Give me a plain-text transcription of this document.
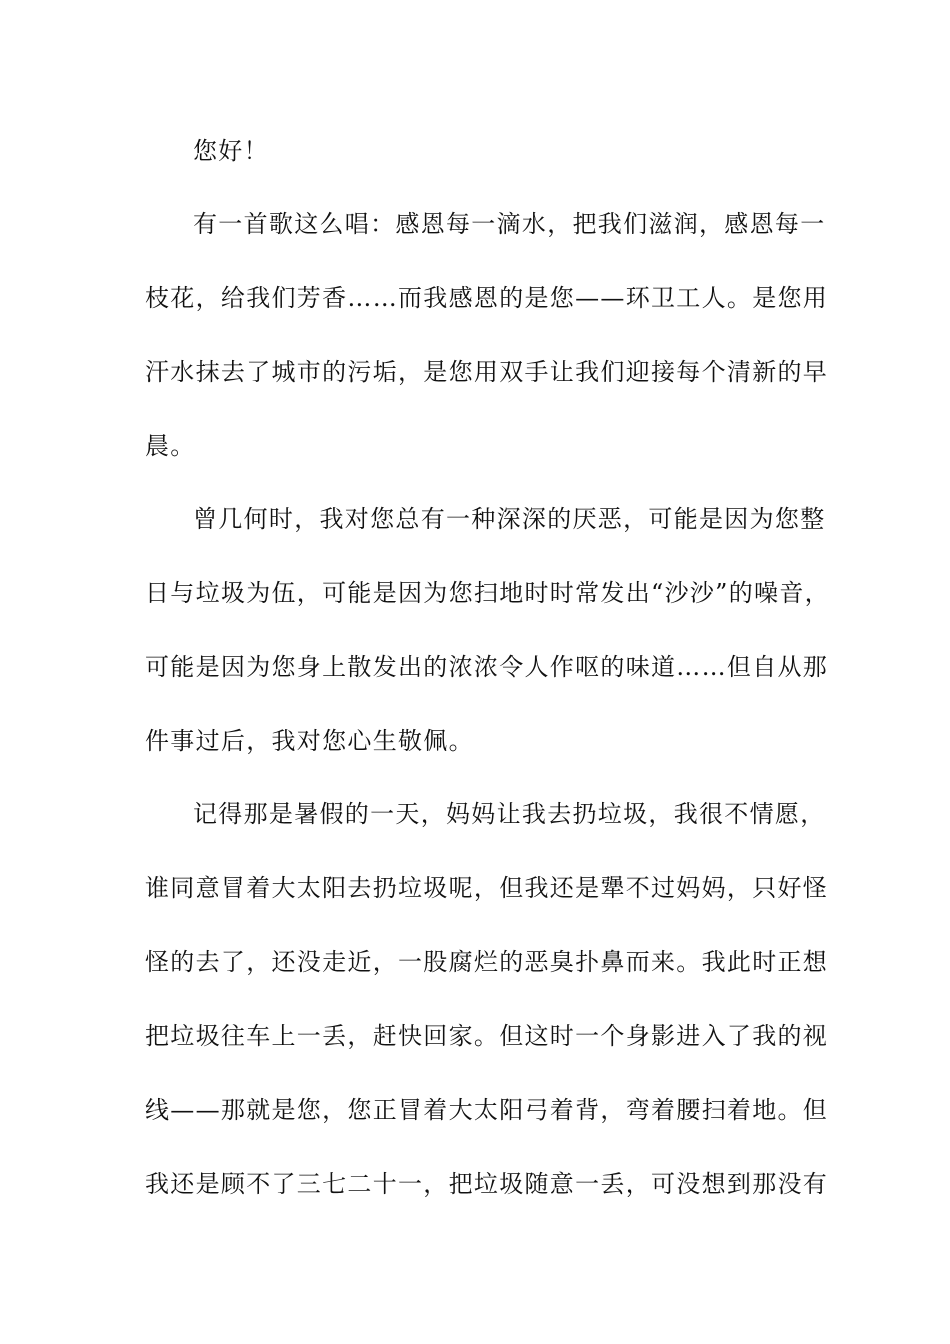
您好！
有一首歌这么唱：感恩每一滴水，把我们滋润，感恩每一
枝花，给我们芳香……而我感恩的是您——环卫工人。是您用
汗水抹去了城市的污垢，是您用双手让我们迎接每个清新的早
晨。
曾几何时，我对您总有一种深深的厌恶，可能是因为您整
日与垃圾为伍，可能是因为您扫地时时常发出“沙沙”的噪音，
可能是因为您身上散发出的浓浓令人作呕的味道……但自从那
件事过后，我对您心生敬佩。
记得那是暑假的一天，妈妈让我去扔垃圾，我很不情愿，
谁同意冒着大太阳去扔垃圾呢，但我还是犟不过妈妈，只好怪
怪的去了，还没走近，一股腐烂的恶臭扑鼻而来。我此时正想
把垃圾往车上一丢，赶快回家。但这时一个身影进入了我的视
线——那就是您，您正冒着大太阳弓着背，弯着腰扫着地。但
我还是顾不了三七二十一，把垃圾随意一丢，可没想到那没有
